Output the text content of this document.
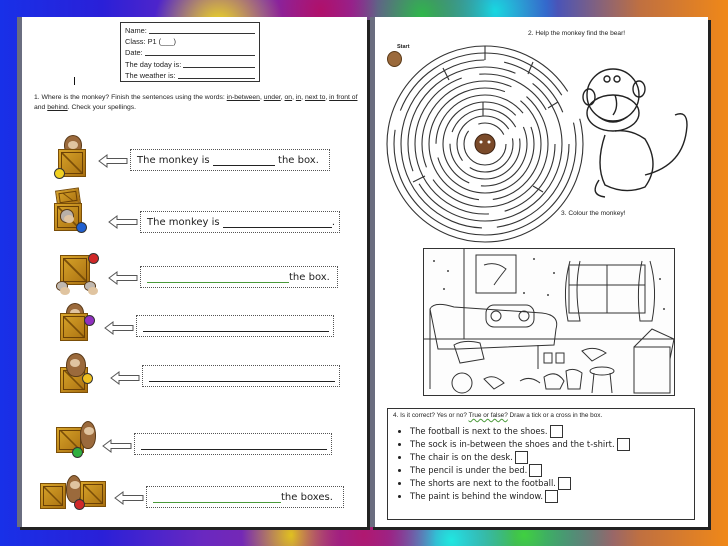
Name:
Class: P1 (___)
Date:
The day today is:
The weather is:
1. Where is the monkey? Finish the sentences using the words: in-between, under, on, in, next to, in front of and behind. Check your spellings.
The monkey is

	the box.
The monkey is
	.
the box.
the boxes.
2. Help the monkey find the bear!
Start
3. Colour the monkey!
4. Is it correct? Yes or no? True or false? Draw a tick or a cross in the box.
• The football is next to the shoes.
• The sock is in-between the shoes and the t-shirt.
• The chair is on the desk.
• The pencil is under the bed.
• The shorts are next to the football.
• The paint is behind the window.
